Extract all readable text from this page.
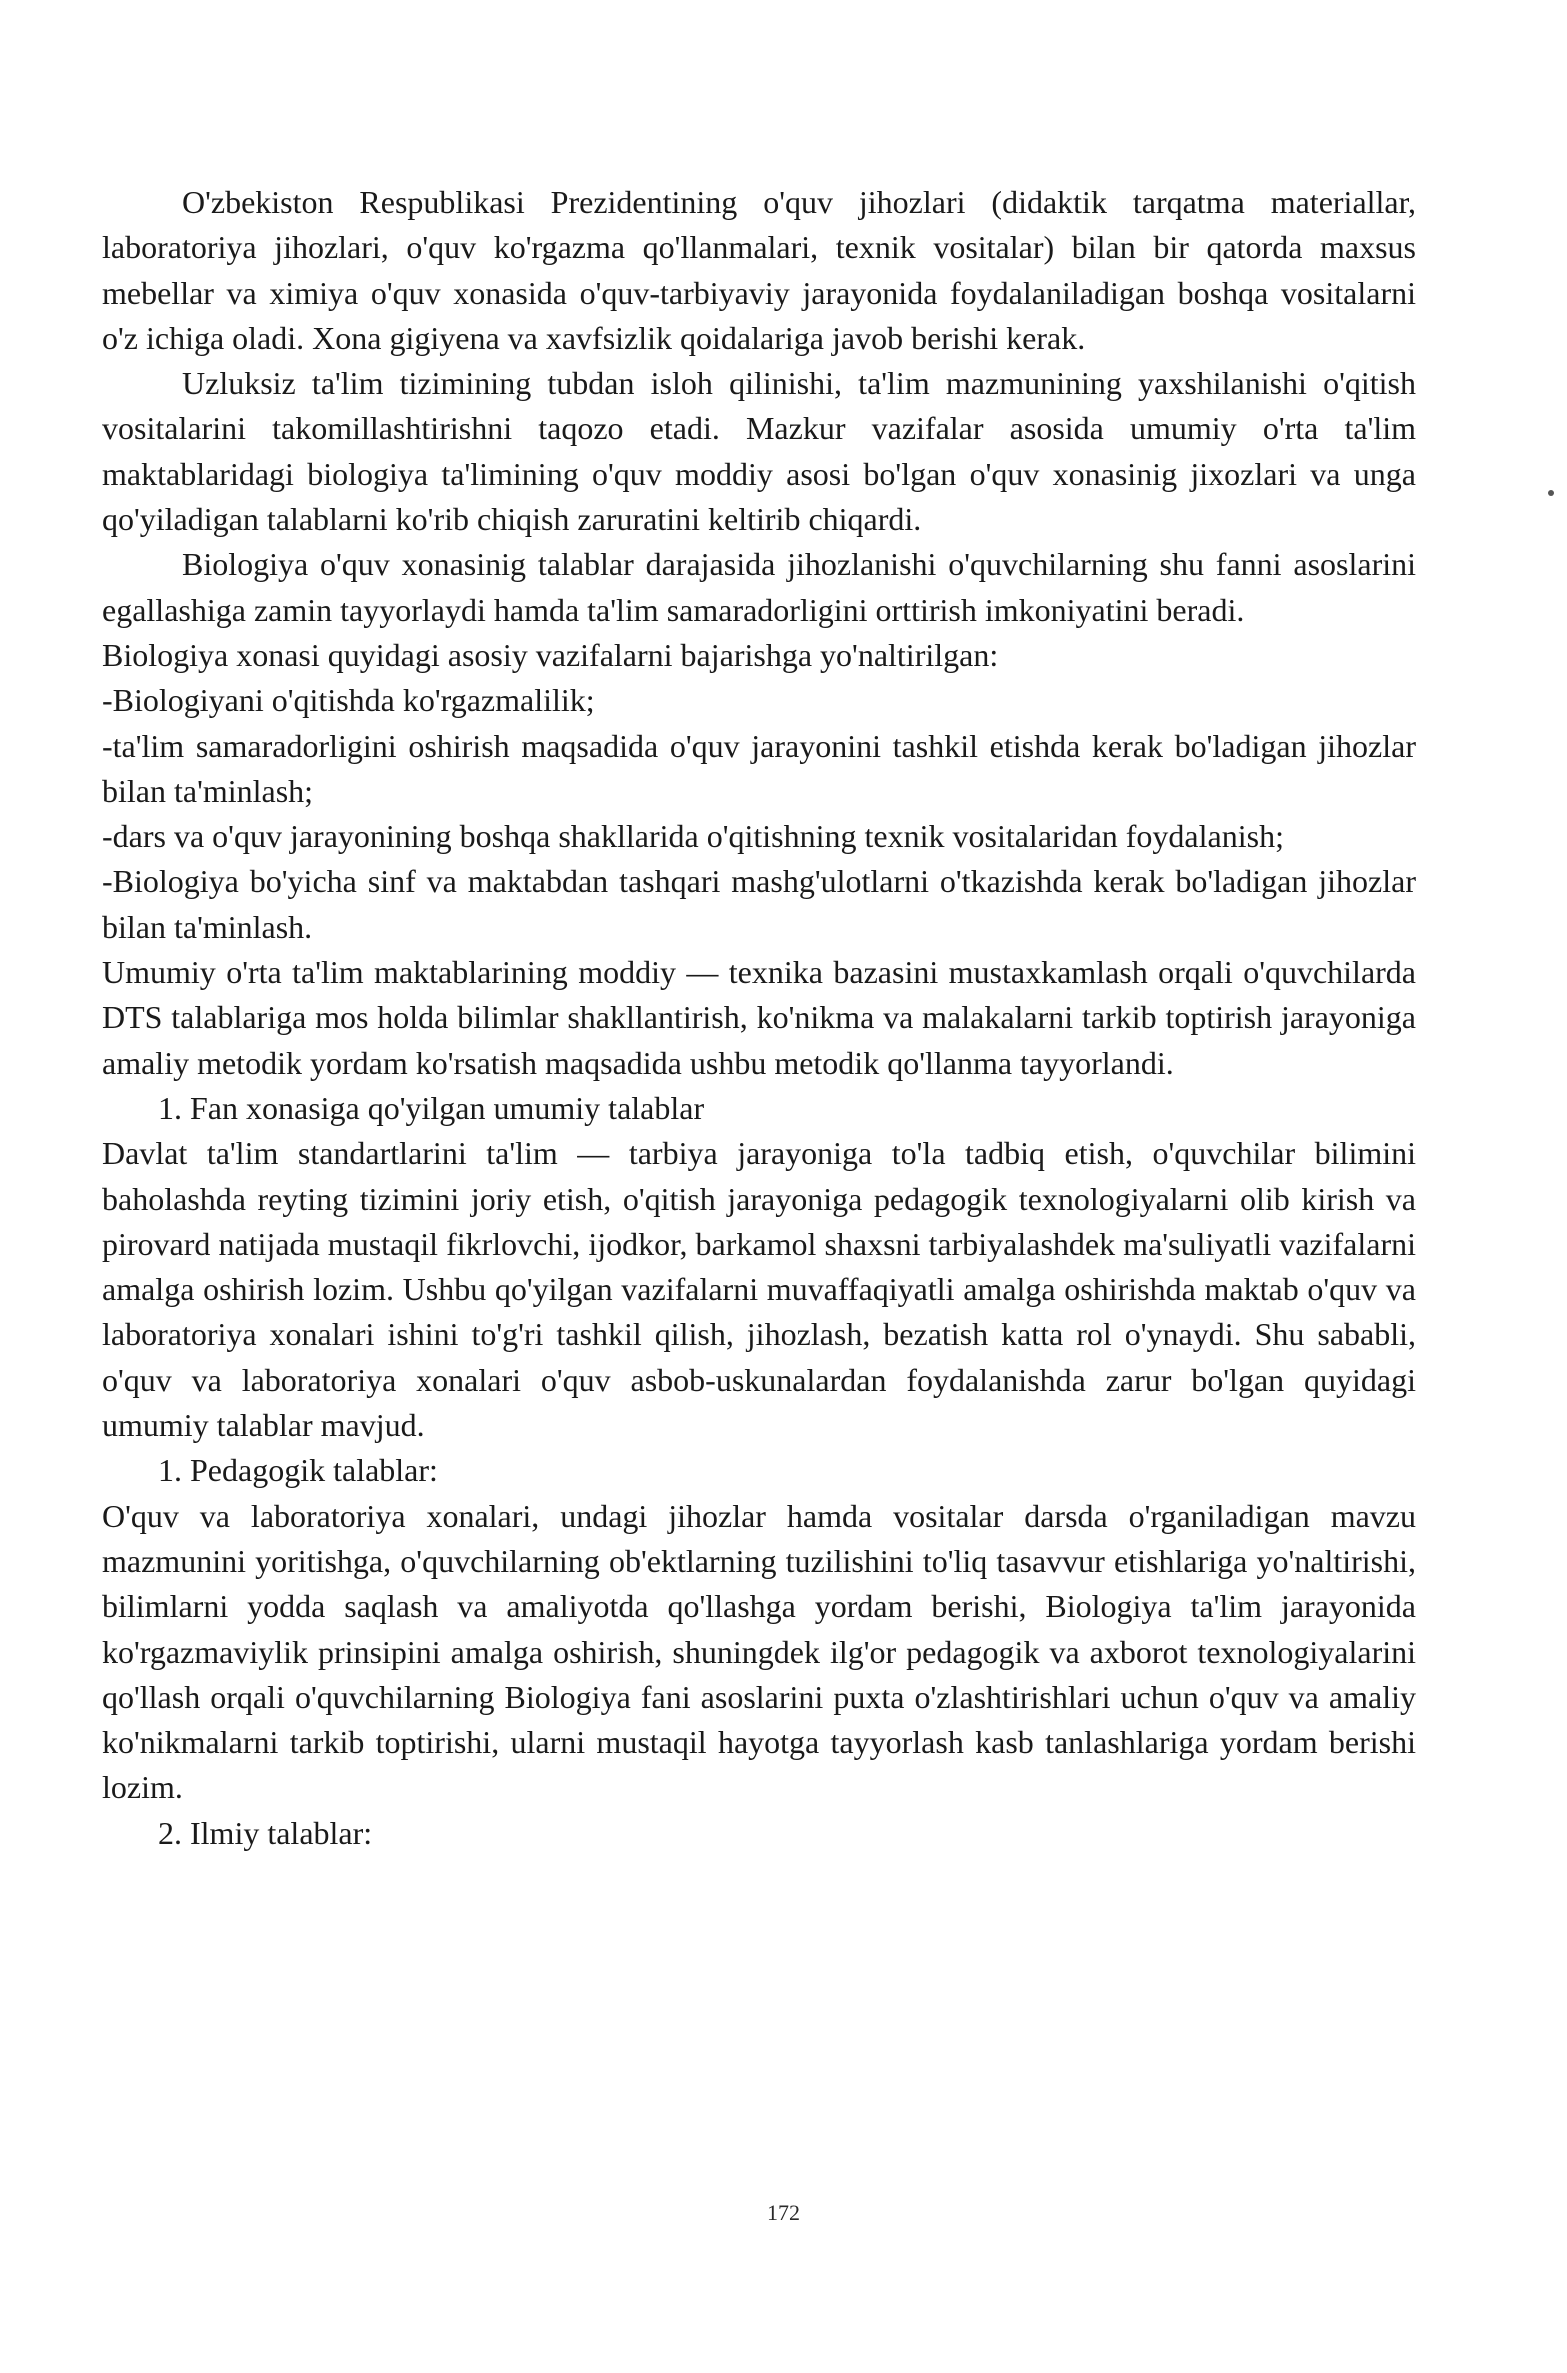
O'zbekiston Respublikasi Prezidentining o'quv jihozlari (didaktik tarqatma materiallar, laboratoriya jihozlari, o'quv ko'rgazma qo'llanmalari, texnik vositalar) bilan bir qatorda maxsus mebellar va ximiya o'quv xonasida o'quv-tarbiyaviy jarayonida foydalaniladigan boshqa vositalarni o'z ichiga oladi. Xona gigiyena va xavfsizlik qoidalariga javob berishi kerak.

Uzluksiz ta'lim tizimining tubdan isloh qilinishi, ta'lim mazmunining yaxshilanishi o'qitish vositalarini takomillashtirishni taqozo etadi. Mazkur vazifalar asosida umumiy o'rta ta'lim maktablaridagi biologiya ta'limining o'quv moddiy asosi bo'lgan o'quv xonasinig jixozlari va unga qo'yiladigan talablarni ko'rib chiqish zaruratini keltirib chiqardi.

Biologiya o'quv xonasinig talablar darajasida jihozlanishi o'quvchilarning shu fanni asoslarini egallashiga zamin tayyorlaydi hamda ta'lim samaradorligini orttirish imkoniyatini beradi.

Biologiya xonasi quyidagi asosiy vazifalarni bajarishga yo'naltirilgan:

-Biologiyani o'qitishda ko'rgazmalilik;

-ta'lim samaradorligini oshirish maqsadida o'quv jarayonini tashkil etishda kerak bo'ladigan jihozlar bilan ta'minlash;

-dars va o'quv jarayonining boshqa shakllarida o'qitishning texnik vositalaridan foydalanish;

-Biologiya bo'yicha sinf va maktabdan tashqari mashg'ulotlarni o'tkazishda kerak bo'ladigan jihozlar bilan ta'minlash.

Umumiy o'rta ta'lim maktablarining moddiy — texnika bazasini mustaxkamlash orqali o'quvchilarda DTS talablariga mos holda bilimlar shakllantirish, ko'nikma va malakalarni tarkib toptirish jarayoniga amaliy metodik yordam ko'rsatish maqsadida ushbu metodik qo'llanma tayyorlandi.

1. Fan xonasiga qo'yilgan umumiy talablar

Davlat ta'lim standartlarini ta'lim — tarbiya jarayoniga to'la tadbiq etish, o'quvchilar bilimini baholashda reyting tizimini joriy etish, o'qitish jarayoniga pedagogik texnologiyalarni olib kirish va pirovard natijada mustaqil fikrlovchi, ijodkor, barkamol shaxsni tarbiyalashdek ma'suliyatli vazifalarni amalga oshirish lozim. Ushbu qo'yilgan vazifalarni muvaffaqiyatli amalga oshirishda maktab o'quv va laboratoriya xonalari ishini to'g'ri tashkil qilish, jihozlash, bezatish katta rol o'ynaydi. Shu sababli, o'quv va laboratoriya xonalari o'quv asbob-uskunalardan foydalanishda zarur bo'lgan quyidagi umumiy talablar mavjud.

1. Pedagogik talablar:

O'quv va laboratoriya xonalari, undagi jihozlar hamda vositalar darsda o'rganiladigan mavzu mazmunini yoritishga, o'quvchilarning ob'ektlarning tuzilishini to'liq tasavvur etishlariga yo'naltirishi, bilimlarni yodda saqlash va amaliyotda qo'llashga yordam berishi, Biologiya ta'lim jarayonida ko'rgazmaviylik prinsipini amalga oshirish, shuningdek ilg'or pedagogik va axborot texnologiyalarini qo'llash orqali o'quvchilarning Biologiya fani asoslarini puxta o'zlashtirishlari uchun o'quv va amaliy ko'nikmalarni tarkib toptirishi, ularni mustaqil hayotga tayyorlash kasb tanlashlariga yordam berishi lozim.

2. Ilmiy talablar:

172
